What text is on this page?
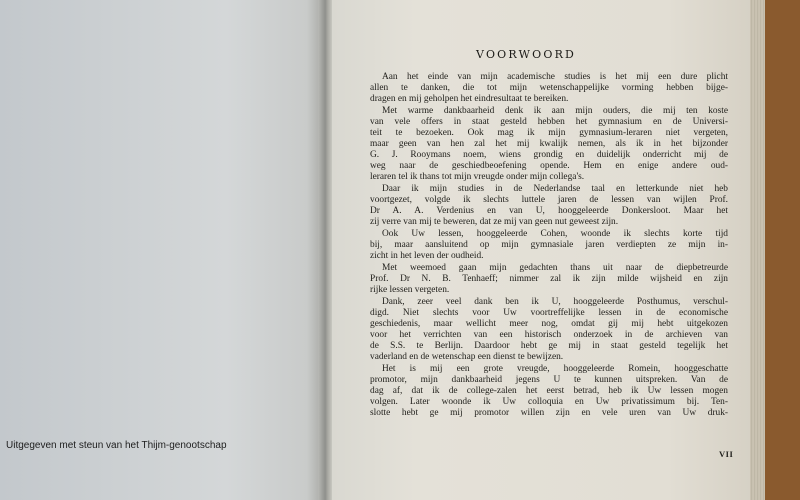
Uitgegeven met steun van het Thijm-genootschap
VOORWOORD
Aan het einde van mijn academische studies is het mij een dure plicht
allen te danken, die tot mijn wetenschappelijke vorming hebben bijge-
dragen en mij geholpen het eindresultaat te bereiken.
Met warme dankbaarheid denk ik aan mijn ouders, die mij ten koste
van vele offers in staat gesteld hebben het gymnasium en de Universi-
teit te bezoeken. Ook mag ik mijn gymnasium-leraren niet vergeten,
maar geen van hen zal het mij kwalijk nemen, als ik in het bijzonder
G. J. Rooymans noem, wiens grondig en duidelijk onderricht mij de
weg naar de geschiedbeoefening opende. Hem en enige andere oud-
leraren tel ik thans tot mijn vreugde onder mijn collega's.
Daar ik mijn studies in de Nederlandse taal en letterkunde niet heb
voortgezet, volgde ik slechts luttele jaren de lessen van wijlen Prof.
Dr A. A. Verdenius en van U, hooggeleerde Donkersloot. Maar het
zij verre van mij te beweren, dat ze mij van geen nut geweest zijn.
Ook Uw lessen, hooggeleerde Cohen, woonde ik slechts korte tijd
bij, maar aansluitend op mijn gymnasiale jaren verdiepten ze mijn in-
zicht in het leven der oudheid.
Met weemoed gaan mijn gedachten thans uit naar de diepbetreurde
Prof. Dr N. B. Tenhaeff; nimmer zal ik zijn milde wijsheid en zijn
rijke lessen vergeten.
Dank, zeer veel dank ben ik U, hooggeleerde Posthumus, verschul-
digd. Niet slechts voor Uw voortreffelijke lessen in de economische
geschiedenis, maar wellicht meer nog, omdat gij mij hebt uitgekozen
voor het verrichten van een historisch onderzoek in de archieven van
de S.S. te Berlijn. Daardoor hebt ge mij in staat gesteld tegelijk het
vaderland en de wetenschap een dienst te bewijzen.
Het is mij een grote vreugde, hooggeleerde Romein, hooggeschatte
promotor, mijn dankbaarheid jegens U te kunnen uitspreken. Van de
dag af, dat ik de college-zalen het eerst betrad, heb ik Uw lessen mogen
volgen. Later woonde ik Uw colloquia en Uw privatissimum bij. Ten-
slotte hebt ge mij promotor willen zijn en vele uren van Uw druk-
VII
